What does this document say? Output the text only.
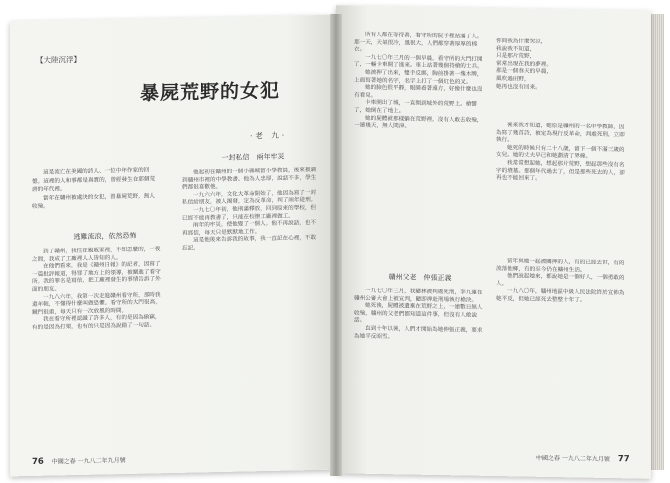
【大陸沉浮】
暴屍荒野的女犯
·老 九·

這是流亡在美國的詩人、一位中年作家的回憶。這裡的人和事都是真實的，曾經發生在那個荒唐的年代裡。

當年在贛州被處決的女犯，曾暴屍荒野，無人收殮。

逃難流浪，依然恐怖

到了贛州，我住在親戚家裡，不知怎麼的，一夜之間，我成了工廠裡人人皆知的人。

在他們看來，我是《贛州日報》的記者，因寫了一篇批評報道，得罪了地方上的領導，被關進了看守所。我的罪名是寫信，把工廠裡發生的事情告訴了外面的朋友。

一九八六年，我第一次走進贛州看守所，那時我還年輕，不懂得什麼叫做恐懼。看守所的大門很高，鐵門很重，每天只有一次放風的時間。

我在看守所裡認識了許多人，有的是因為偷竊，有的是因為打架，也有的只是因為說錯了一句話。

一封私信　兩年牢災

他起初在贛州的一個小縣城當小學教員，後來被調到贛州市裡的中學教書。他為人忠厚，說話不多，學生們都很喜歡他。

一九六六年，文化大革命開始了，他因為寫了一封私信給朋友，被人揭發，定為反革命，判了兩年徒刑。

一九七〇年初，他刑滿釋放，回到原來的學校，但已經不能再教書了，只能在校辦工廠裡做工。

兩年的牢災，使他變了一個人。他不再說話，也不再寫信，每天只是默默地工作。

這是他後來告訴我的故事，我一直記在心裡，不敢忘記。

76 中國之春 一九八二年九月號

所有人都在等待著，看守所的院子裡站滿了人。那一天，天氣很冷，風很大，人們都穿著厚厚的棉衣。

一九七〇年三月的一個早晨，看守所的大門打開了，一輛卡車開了進來。車上站著幾個持槍的士兵。

她被押了出來，雙手反綁，胸前掛著一塊木牌，上面寫著她的名字，名字上打了一個紅色的叉。

她的臉色很平靜，眼睛看著遠方，好像什麼也沒有看見。

卡車開出了城，一直開到城外的荒野上。槍響了，她倒在了地上。

她的屍體就那樣躺在荒野裡，沒有人敢去收殮，一連幾天，無人問津。

你問我為什麼哭泣，

我說我不知道，

只是那片荒野，

常常出現在我的夢裡。

那是一個春天的早晨，

風吹過田野，

她再也沒有回來。

後來我才知道，她原是贛州的一名中學教師，因為寫了幾首詩，被定為現行反革命，判處死刑，立即執行。

她死的時候只有二十八歲，留下一個不滿三歲的女兒。她的丈夫早已和她劃清了界線。

我常常想起她，想起那片荒野，想起那些沒有名字的墳墓。那個年代過去了，但是那些死去的人，卻再也不能回來了。

贛州父老　仲張正義

一九七〇年三月，我隨林被判處死刑，李九蓮在贛州公審大會上被宣判，隨即押赴刑場執行槍決。

她死後，屍體被遺棄在荒野之上，一連數日無人收殮，贛州的父老們都知道這件事，但沒有人敢說話。

直到十年以後，人們才開始為她伸張正義，要求為她平反昭雪。

當年與她一起被關押的人，有的已經去世，有的流落他鄉，有的至今仍在贛州生活。

他們說起她來，都說她是一個好人，一個勇敢的人。

一九八〇年，贛州地區中級人民法院終於宣佈為她平反，但她已經死去整整十年了。

中國之春 一九八二年九月號 77
